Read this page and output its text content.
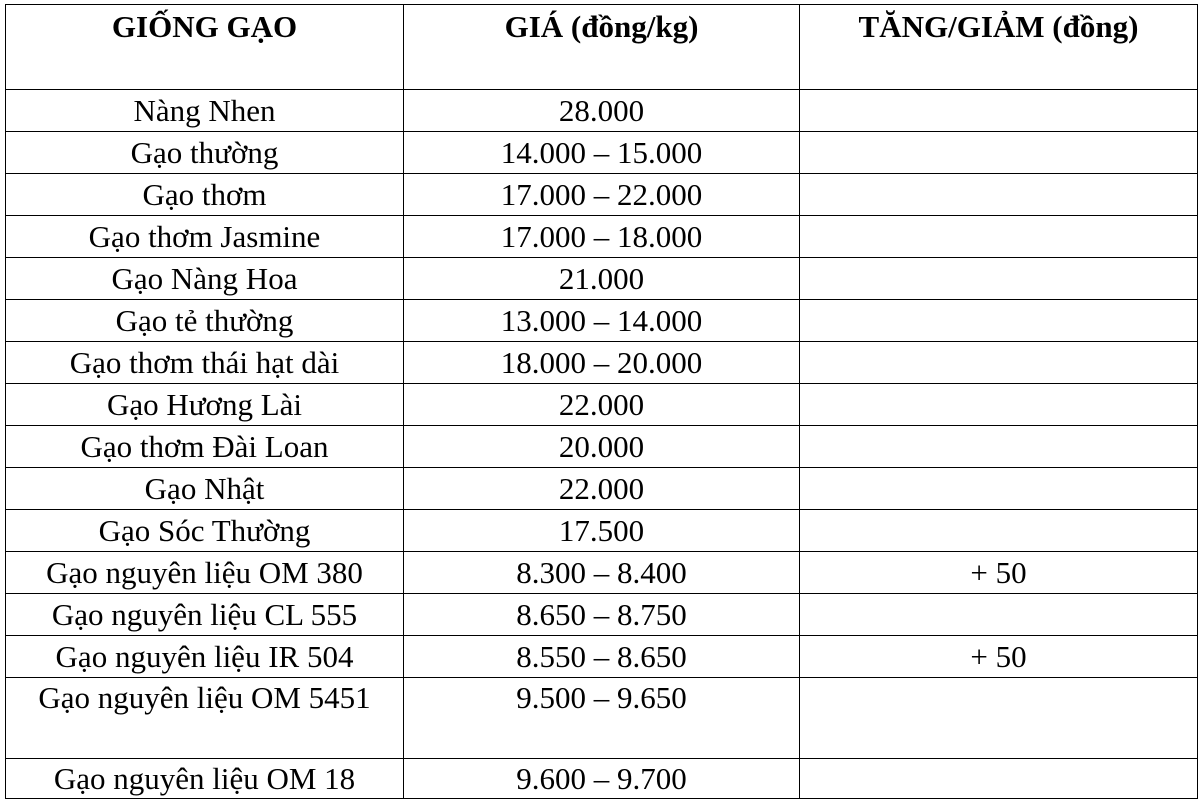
GIỐNG GẠO	GIÁ (đồng/kg)	TĂNG/GIẢM (đồng)
Nàng Nhen	28.000	
Gạo thường	14.000 – 15.000	
Gạo thơm	17.000 – 22.000	
Gạo thơm Jasmine	17.000 – 18.000	
Gạo Nàng Hoa	21.000	
Gạo tẻ thường	13.000 – 14.000	
Gạo thơm thái hạt dài	18.000 – 20.000	
Gạo Hương Lài	22.000	
Gạo thơm Đài Loan	20.000	
Gạo Nhật	22.000	
Gạo Sóc Thường	17.500	
Gạo nguyên liệu OM 380	8.300 – 8.400	+ 50
Gạo nguyên liệu CL 555	8.650 – 8.750	
Gạo nguyên liệu IR 504	8.550 – 8.650	+ 50
Gạo nguyên liệu OM 5451	9.500 – 9.650	
Gạo nguyên liệu OM 18	9.600 – 9.700	
